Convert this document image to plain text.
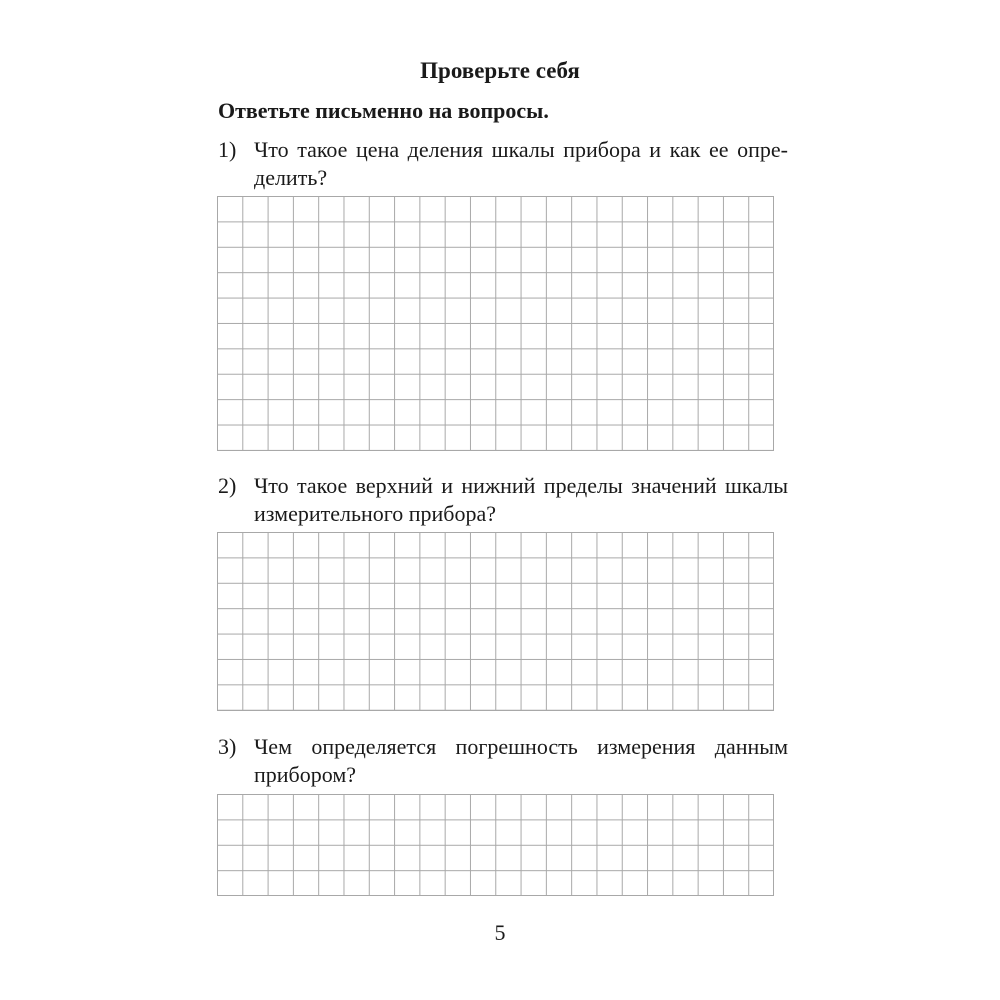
Проверьте себя

Ответьте письменно на вопросы.

1) Что такое цена деления шкалы прибора и как ее опре-
делить?
2) Что такое верхний и нижний пределы значений шкалы
измерительного прибора?
3) Чем определяется погрешность измерения данным
прибором?

5
